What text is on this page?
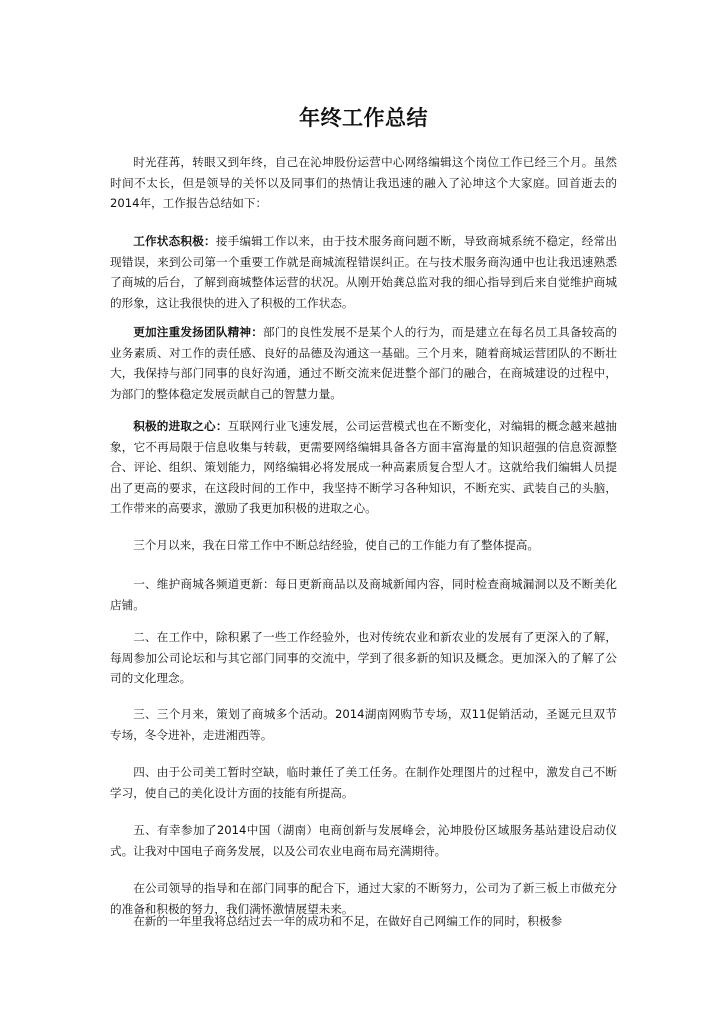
年终工作总结

时光荏苒，转眼又到年终，自己在沁坤股份运营中心网络编辑这个岗位工作已经三个月。虽然时间不太长，但是领导的关怀以及同事们的热情让我迅速的融入了沁坤这个大家庭。回首逝去的2014年，工作报告总结如下：

工作状态积极：接手编辑工作以来，由于技术服务商问题不断，导致商城系统不稳定，经常出现错误，来到公司第一个重要工作就是商城流程错误纠正。在与技术服务商沟通中也让我迅速熟悉了商城的后台，了解到商城整体运营的状况。从刚开始龚总监对我的细心指导到后来自觉维护商城的形象，这让我很快的进入了积极的工作状态。

更加注重发扬团队精神：部门的良性发展不是某个人的行为，而是建立在每名员工具备较高的业务素质、对工作的责任感、良好的品德及沟通这一基础。三个月来，随着商城运营团队的不断壮大，我保持与部门同事的良好沟通，通过不断交流来促进整个部门的融合，在商城建设的过程中，为部门的整体稳定发展贡献自己的智慧力量。

积极的进取之心：互联网行业飞速发展，公司运营模式也在不断变化，对编辑的概念越来越抽象，它不再局限于信息收集与转载，更需要网络编辑具备各方面丰富海量的知识超强的信息资源整合、评论、组织、策划能力，网络编辑必将发展成一种高素质复合型人才。这就给我们编辑人员提出了更高的要求，在这段时间的工作中，我坚持不断学习各种知识，不断充实、武装自己的头脑，工作带来的高要求，激励了我更加积极的进取之心。

三个月以来，我在日常工作中不断总结经验，使自己的工作能力有了整体提高。

一、维护商城各频道更新：每日更新商品以及商城新闻内容，同时检查商城漏洞以及不断美化店铺。

二、在工作中，除积累了一些工作经验外，也对传统农业和新农业的发展有了更深入的了解，每周参加公司论坛和与其它部门同事的交流中，学到了很多新的知识及概念。更加深入的了解了公司的文化理念。

三、三个月来，策划了商城多个活动。2014湖南网购节专场，双11促销活动，圣诞元旦双节专场，冬令进补，走进湘西等。

四、由于公司美工暂时空缺，临时兼任了美工任务。在制作处理图片的过程中，激发自己不断学习，使自己的美化设计方面的技能有所提高。

五、有幸参加了2014中国（湖南）电商创新与发展峰会，沁坤股份区域服务基站建设启动仪式。让我对中国电子商务发展，以及公司农业电商布局充满期待。

在公司领导的指导和在部门同事的配合下，通过大家的不断努力，公司为了新三板上市做充分的准备和积极的努力，我们满怀激情展望未来。

在新的一年里我将总结过去一年的成功和不足，在做好自己网编工作的同时，积极参
